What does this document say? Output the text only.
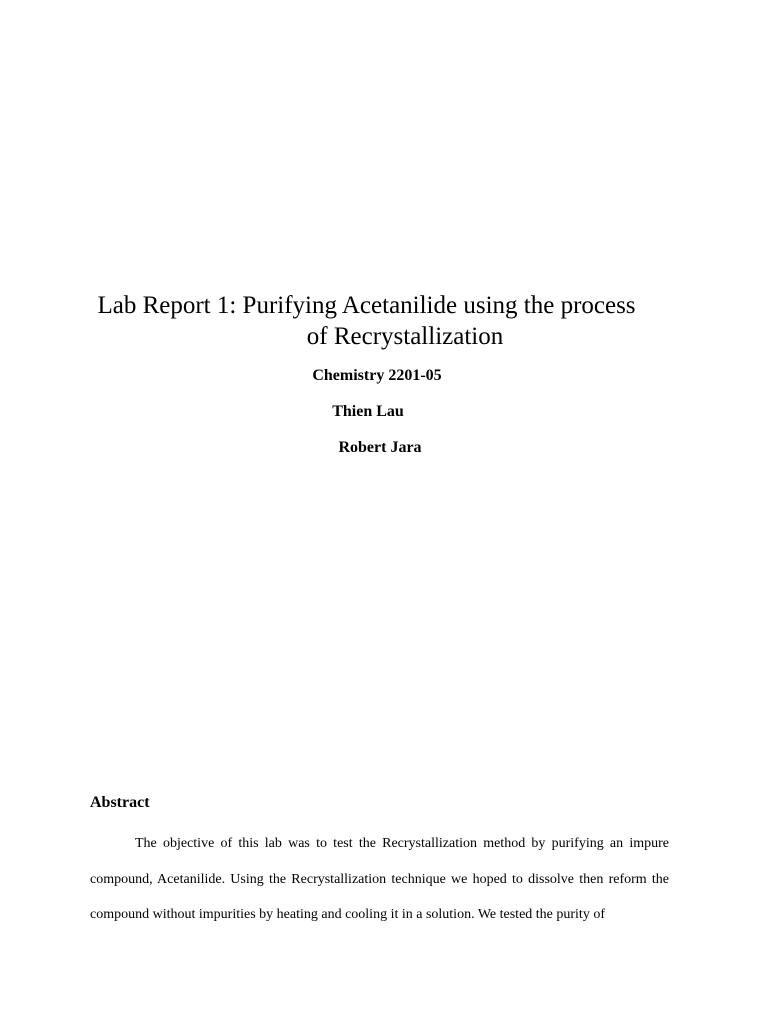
Lab Report 1: Purifying Acetanilide using the process
of Recrystallization

Chemistry 2201-05

Thien Lau

Robert Jara

Abstract

The objective of this lab was to test the Recrystallization method by purifying an impure compound, Acetanilide. Using the Recrystallization technique we hoped to dissolve then reform the compound without impurities by heating and cooling it in a solution. We tested the purity of
